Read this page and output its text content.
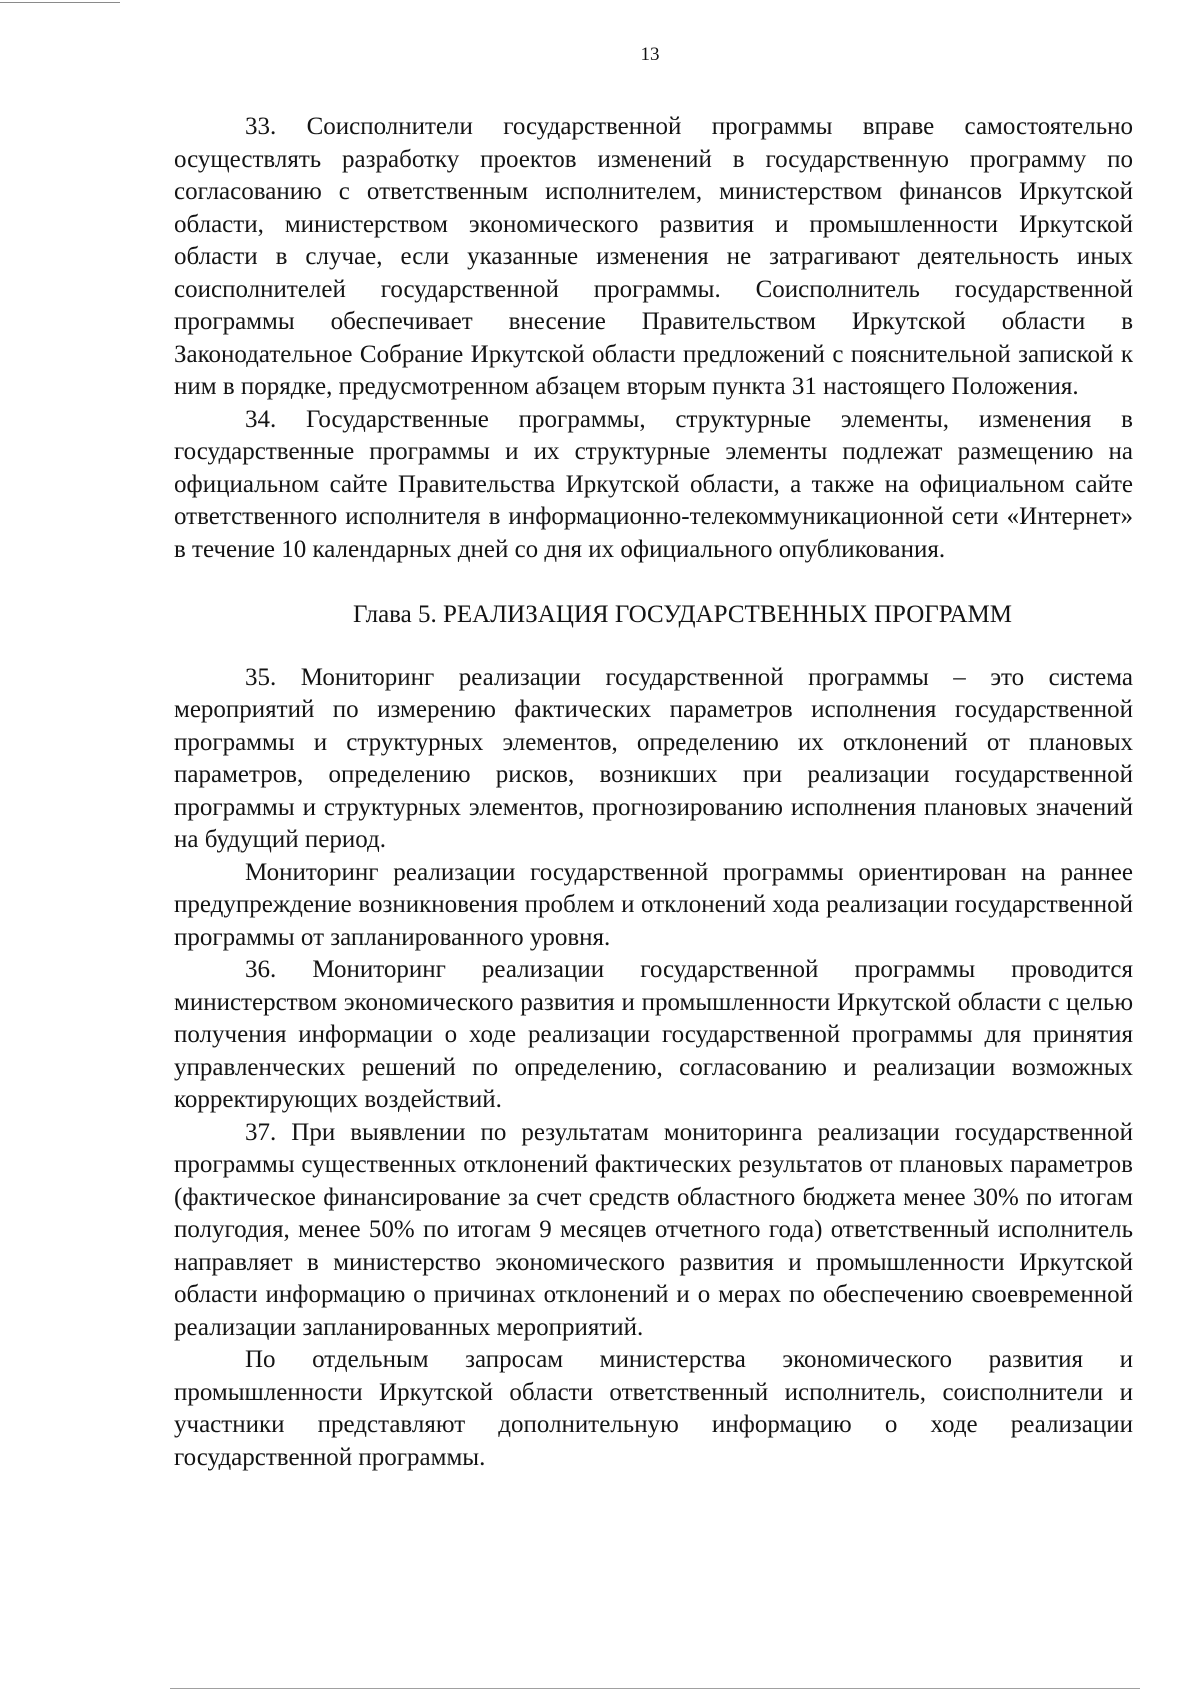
13

33. Соисполнители государственной программы вправе самостоятельно осуществлять разработку проектов изменений в государственную программу по согласованию с ответственным исполнителем, министерством финансов Иркутской области, министерством экономического развития и промышленности Иркутской области в случае, если указанные изменения не затрагивают деятельность иных соисполнителей государственной программы. Соисполнитель государственной программы обеспечивает внесение Правительством Иркутской области в Законодательное Собрание Иркутской области предложений с пояснительной запиской к ним в порядке, предусмотренном абзацем вторым пункта 31 настоящего Положения.

34. Государственные программы, структурные элементы, изменения в государственные программы и их структурные элементы подлежат размещению на официальном сайте Правительства Иркутской области, а также на официальном сайте ответственного исполнителя в информационно-телекоммуникационной сети «Интернет» в течение 10 календарных дней со дня их официального опубликования.

Глава 5. РЕАЛИЗАЦИЯ ГОСУДАРСТВЕННЫХ ПРОГРАММ

35. Мониторинг реализации государственной программы – это система мероприятий по измерению фактических параметров исполнения государственной программы и структурных элементов, определению их отклонений от плановых параметров, определению рисков, возникших при реализации государственной программы и структурных элементов, прогнозированию исполнения плановых значений на будущий период.

Мониторинг реализации государственной программы ориентирован на раннее предупреждение возникновения проблем и отклонений хода реализации государственной программы от запланированного уровня.

36. Мониторинг реализации государственной программы проводится министерством экономического развития и промышленности Иркутской области с целью получения информации о ходе реализации государственной программы для принятия управленческих решений по определению, согласованию и реализации возможных корректирующих воздействий.

37. При выявлении по результатам мониторинга реализации государственной программы существенных отклонений фактических результатов от плановых параметров (фактическое финансирование за счет средств областного бюджета менее 30% по итогам полугодия, менее 50% по итогам 9 месяцев отчетного года) ответственный исполнитель направляет в министерство экономического развития и промышленности Иркутской области информацию о причинах отклонений и о мерах по обеспечению своевременной реализации запланированных мероприятий.

По отдельным запросам министерства экономического развития и промышленности Иркутской области ответственный исполнитель, соисполнители и участники представляют дополнительную информацию о ходе реализации государственной программы.
